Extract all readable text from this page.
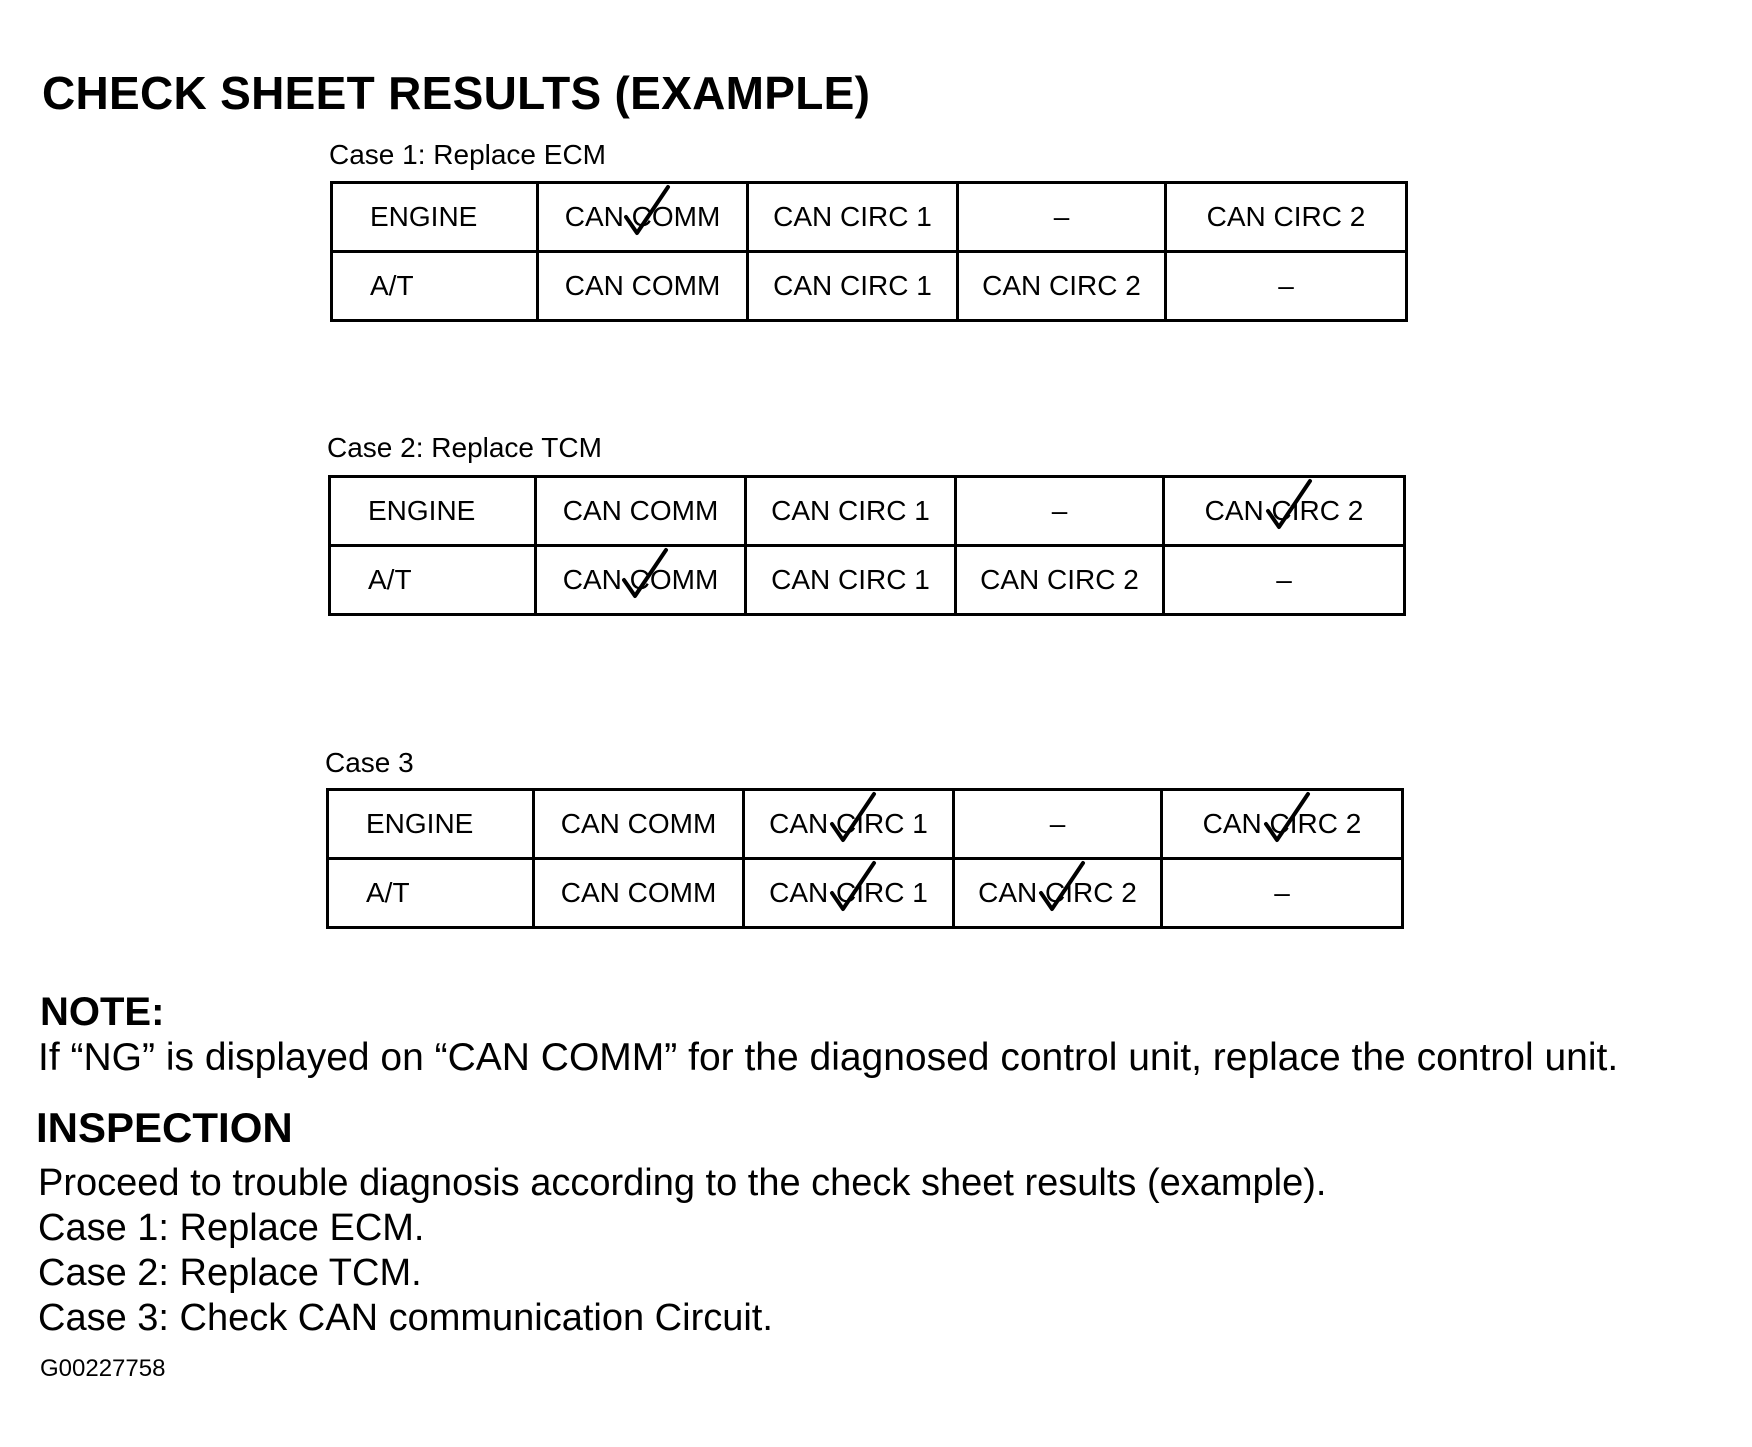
CHECK SHEET RESULTS (EXAMPLE)
Case 1: Replace ECM
ENGINE	CAN COMM	CAN CIRC 1	–	CAN CIRC 2
A/T	CAN COMM	CAN CIRC 1	CAN CIRC 2	–
Case 2: Replace TCM
ENGINE	CAN COMM	CAN CIRC 1	–	CAN CIRC 2

A/T	CAN COMM	CAN CIRC 1	CAN CIRC 2	–
Case 3
ENGINE	CAN COMM	CAN CIRC 1	–	CAN CIRC 2

A/T	CAN COMM	CAN CIRC 1	CAN CIRC 2	–
NOTE:
If “NG” is displayed on “CAN COMM” for the diagnosed control unit, replace the control unit.
INSPECTION
Proceed to trouble diagnosis according to the check sheet results (example).
Case 1: Replace ECM.
Case 2: Replace TCM.
Case 3: Check CAN communication Circuit.
G00227758
